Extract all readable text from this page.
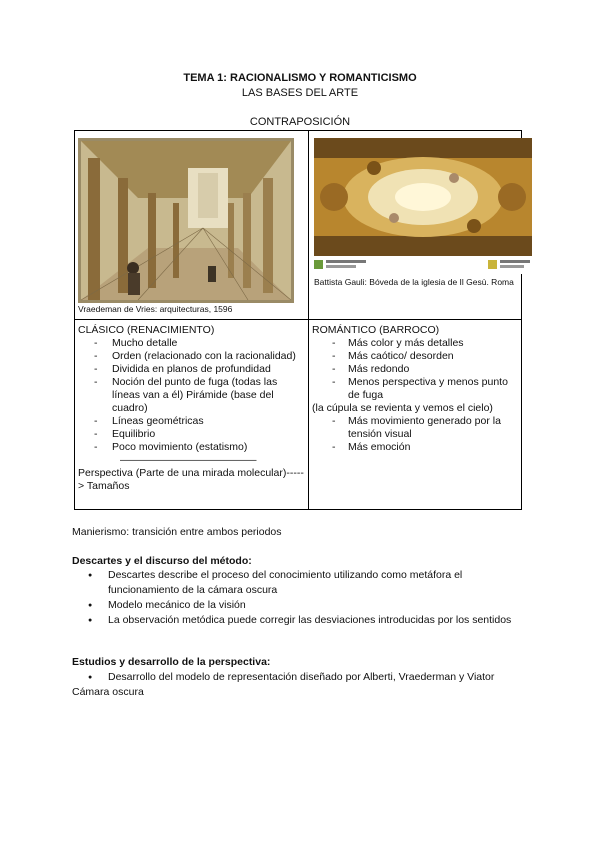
TEMA 1: RACIONALISMO Y ROMANTICISMO
LAS BASES DEL ARTE
CONTRAPOSICIÓN
Vraedeman de Vries: arquitecturas, 1596
Battista Gauli: Bóveda de la iglesia de Il Gesù. Roma
CLÁSICO (RENACIMIENTO)
- Mucho detalle
- Orden (relacionado con la racionalidad)
- Dividida en planos de profundidad
- Noción del punto de fuga (todas las líneas van a él) Pirámide (base del cuadro)
- Líneas geométricas
- Equilibrio
- Poco movimiento (estatismo)
—————————————
Perspectiva (Parte de una mirada molecular)-----> Tamaños
ROMÁNTICO (BARROCO)
- Más color y más detalles
- Más caótico/ desorden
- Más redondo
- Menos perspectiva y menos punto de fuga
(la cúpula se revienta y vemos el cielo)
- Más movimiento generado por la tensión visual
- Más emoción
Manierismo: transición entre ambos periodos
Descartes y el discurso del método:
● Descartes describe el proceso del conocimiento utilizando como metáfora el funcionamiento de la cámara oscura
● Modelo mecánico de la visión
● La observación metódica puede corregir las desviaciones introducidas por los sentidos
Estudios y desarrollo de la perspectiva:
● Desarrollo del modelo de representación diseñado por Alberti, Vraederman y Viator
Cámara oscura
